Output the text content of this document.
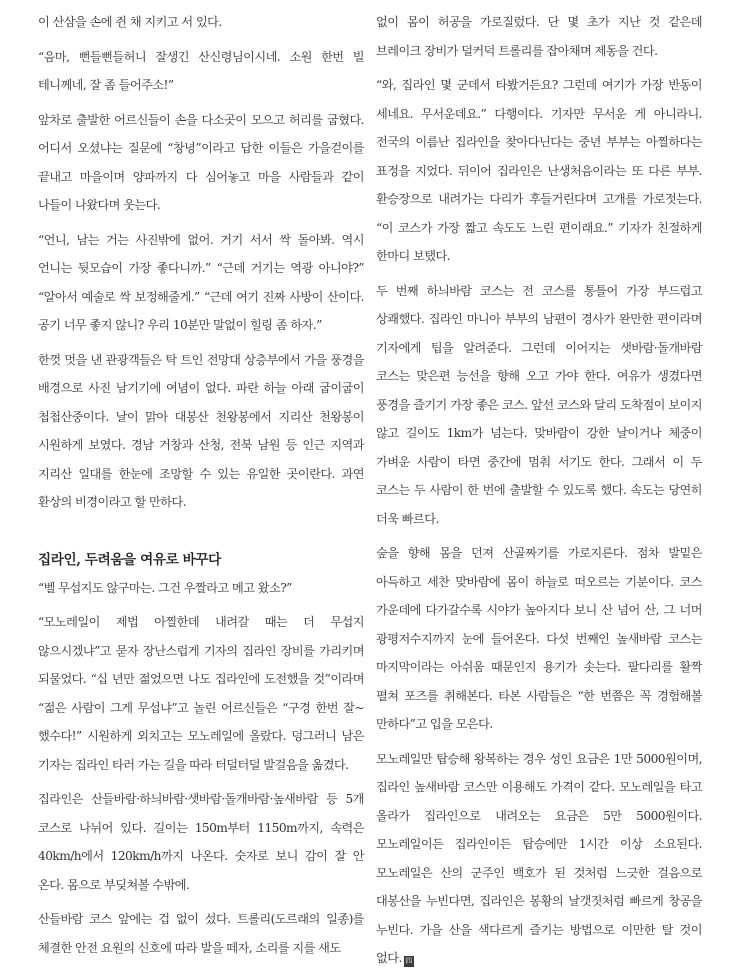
이 산삼을 손에 쥔 채 지키고 서 있다.

“음마, 뻔들뻔들허니 잘생긴 산신령님이시네. 소원 한번 빌 테니께네, 잘 좀 들어주소!”

앞차로 출발한 어르신들이 손을 다소곳이 모으고 허리를 굽혔다. 어디서 오셨냐는 질문에 “창녕”이라고 답한 이들은 가을걷이를 끝내고 마을이며 양파까지 다 심어놓고 마을 사람들과 같이 나들이 나왔다며 웃는다.

“언니, 남는 거는 사진밖에 없어. 거기 서서 싹 돌아봐. 역시 언니는 뒷모습이 가장 좋다니까.” “근데 거기는 역광 아니야?” “알아서 예술로 싹 보정해줄게.” “근데 여기 진짜 사방이 산이다. 공기 너무 좋지 않니? 우리 10분만 말없이 힐링 좀 하자.”

한껏 멋을 낸 관광객들은 탁 트인 전망대 상층부에서 가을 풍경을 배경으로 사진 남기기에 여념이 없다. 파란 하늘 아래 굽이굽이 첩첩산중이다. 날이 맑아 대봉산 천왕봉에서 지리산 천왕봉이 시원하게 보였다. 경남 거창과 산청, 전북 남원 등 인근 지역과 지리산 일대를 한눈에 조망할 수 있는 유일한 곳이란다. 과연 환상의 비경이라고 할 만하다.

집라인, 두려움을 여유로 바꾸다

“벨 무섭지도 않구마는. 그건 우짤라고 메고 왔소?”

“모노레일이 제법 아찔한데 내려갈 때는 더 무섭지 않으시겠냐”고 묻자 장난스럽게 기자의 집라인 장비를 가리키며 되물었다. “십 년만 젊었으면 나도 집라인에 도전했을 것”이라며 “젊은 사람이 그게 무섭냐”고 놀린 어르신들은 “구경 한번 잘~했수다!” 시원하게 외치고는 모노레일에 올랐다. 덩그러니 남은 기자는 집라인 타러 가는 길을 따라 터덜터덜 발걸음을 옮겼다.

집라인은 산들바람·하늬바람·샛바람·돌개바람·높새바람 등 5개 코스로 나뉘어 있다. 길이는 150m부터 1150m까지, 속력은 40km/h에서 120km/h까지 나온다. 숫자로 보니 감이 잘 안 온다. 몸으로 부딪쳐볼 수밖에.

산들바람 코스 앞에는 겁 없이 섰다. 트롤리(도르래의 일종)를 체결한 안전 요원의 신호에 따라 발을 떼자, 소리를 지를 새도

없이 몸이 허공을 가로질렀다. 단 몇 초가 지난 것 같은데 브레이크 장비가 덜커덕 트롤리를 잡아채며 제동을 건다.

“와, 집라인 몇 군데서 타봤거든요? 그런데 여기가 가장 반동이 세네요. 무서운데요.” 다행이다. 기자만 무서운 게 아니라니. 전국의 이름난 집라인을 찾아다닌다는 중년 부부는 아찔하다는 표정을 지었다. 뒤이어 집라인은 난생처음이라는 또 다른 부부. 환승장으로 내려가는 다리가 후들거린다며 고개를 가로젓는다. “이 코스가 가장 짧고 속도도 느린 편이래요.” 기자가 친절하게 한마디 보탰다.

두 번째 하늬바람 코스는 전 코스를 통틀어 가장 부드럽고 상쾌했다. 집라인 마니아 부부의 남편이 경사가 완만한 편이라며 기자에게 팁을 알려준다. 그런데 이어지는 샛바람·돌개바람 코스는 맞은편 능선을 향해 오고 가야 한다. 여유가 생겼다면 풍경을 즐기기 가장 좋은 코스. 앞선 코스와 달리 도착점이 보이지 않고 길이도 1km가 넘는다. 맞바람이 강한 날이거나 체중이 가벼운 사람이 타면 중간에 멈춰 서기도 한다. 그래서 이 두 코스는 두 사람이 한 번에 출발할 수 있도록 했다. 속도는 당연히 더욱 빠르다.

숲을 향해 몸을 던져 산골짜기를 가로지른다. 점차 발밑은 아득하고 세찬 맞바람에 몸이 하늘로 떠오르는 기분이다. 코스 가운데에 다가갈수록 시야가 높아지다 보니 산 넘어 산, 그 너머 광평저수지까지 눈에 들어온다. 다섯 번째인 높새바람 코스는 마지막이라는 아쉬움 때문인지 용기가 솟는다. 팔다리를 활짝 펼쳐 포즈를 취해본다. 타본 사람들은 “한 번쯤은 꼭 경험해볼 만하다”고 입을 모은다.

모노레일만 탑승해 왕복하는 경우 성인 요금은 1만 5000원이며, 집라인 높새바람 코스만 이용해도 가격이 같다. 모노레일을 타고 올라가 집라인으로 내려오는 요금은 5만 5000원이다. 모노레일이든 집라인이든 탑승에만 1시간 이상 소요된다. 모노레일은 산의 군주인 백호가 된 것처럼 느긋한 걸음으로 대봉산을 누빈다면, 집라인은 봉황의 날갯짓처럼 빠르게 창공을 누빈다. 가을 산을 색다르게 즐기는 방법으로 이만한 탈 것이 없다. 四
